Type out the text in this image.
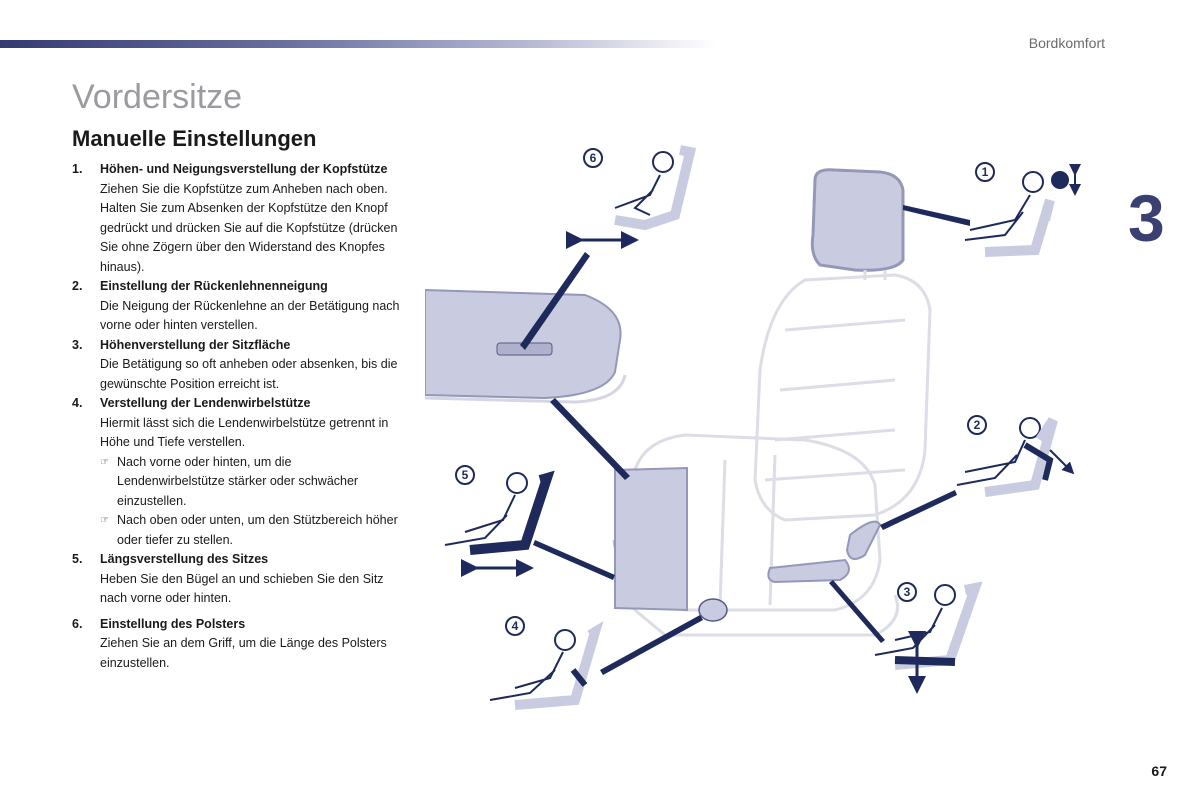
Bordkomfort
3
Vordersitze
Manuelle Einstellungen
1. Höhen- und Neigungsverstellung der Kopfstütze

Ziehen Sie die Kopfstütze zum Anheben nach oben.

Halten Sie zum Absenken der Kopfstütze den Knopf gedrückt und drücken Sie auf die Kopfstütze (drücken Sie ohne Zögern über den Widerstand des Knopfes hinaus).

2. Einstellung der Rückenlehnenneigung

Die Neigung der Rückenlehne an der Betätigung nach vorne oder hinten verstellen.

3. Höhenverstellung der Sitzfläche

Die Betätigung so oft anheben oder absenken, bis die gewünschte Position erreicht ist.

4. Verstellung der Lendenwirbelstütze

Hiermit lässt sich die Lendenwirbelstütze getrennt in Höhe und Tiefe verstellen.

☞ Nach vorne oder hinten, um die Lendenwirbelstütze stärker oder schwächer einzustellen.
☞ Nach oben oder unten, um den Stützbereich höher oder tiefer zu stellen.
5. Längsverstellung des Sitzes

Heben Sie den Bügel an und schieben Sie den Sitz nach vorne oder hinten.

6. Einstellung des Polsters

Ziehen Sie an dem Griff, um die Länge des Polsters einzustellen.

1
2
3
4
5
6
67
